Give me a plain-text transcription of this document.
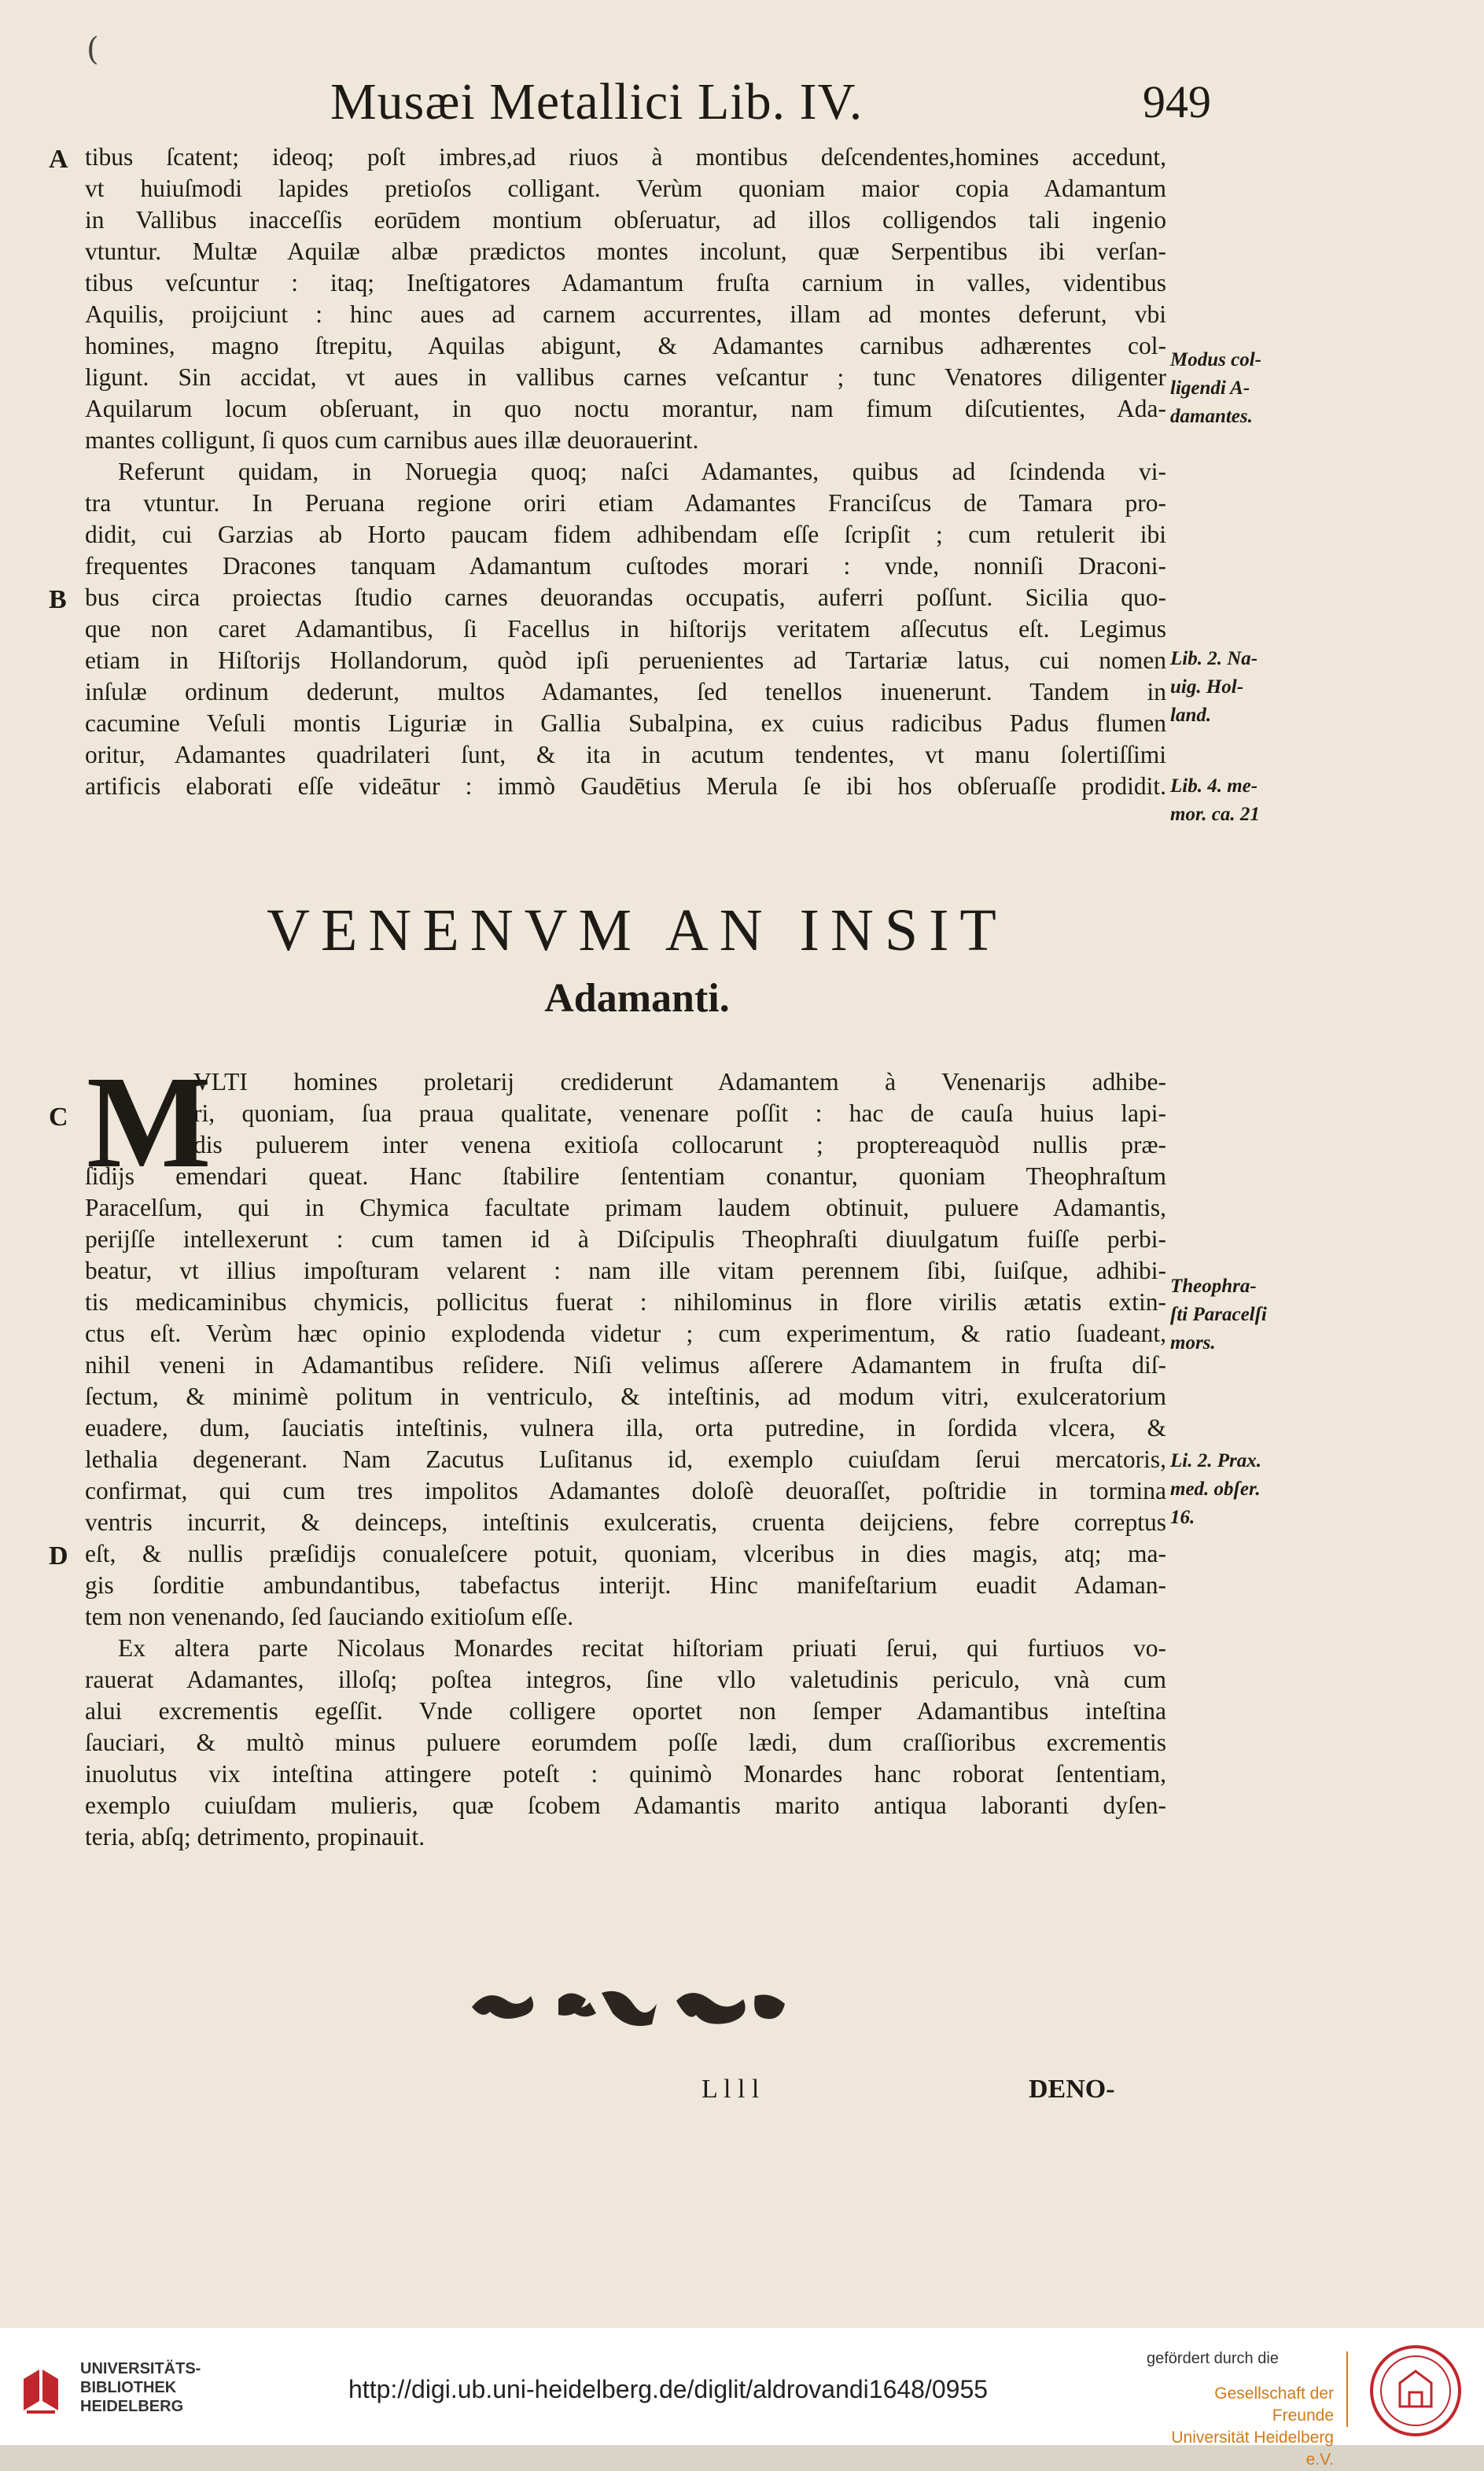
(
Musæi Metallici Lib. IV.	949
A tibus ſcatent; ideoq; poſt imbres,ad riuos à montibus deſcendentes,homines accedunt,
vt huiuſmodi lapides pretioſos colligant. Verùm quoniam maior copia Adamantum
in Vallibus inacceſſis eorūdem montium obſeruatur, ad illos colligendos tali ingenio
vtuntur. Multæ Aquilæ albæ prædictos montes incolunt, quæ Serpentibus ibi verſan-
tibus veſcuntur : itaq; Ineſtigatores Adamantum fruſta carnium in valles, videntibus
Aquilis, proijciunt : hinc aues ad carnem accurrentes, illam ad montes deferunt, vbi
homines, magno ſtrepitu, Aquilas abigunt, & Adamantes carnibus adhærentes col-
ligunt. Sin accidat, vt aues in vallibus carnes veſcantur ; tunc Venatores diligenter
Aquilarum locum obſeruant, in quo noctu morantur, nam fimum diſcutientes, Ada-
mantes colligunt, ſi quos cum carnibus aues illæ deuorauerint.
Referunt quidam, in Noruegia quoq; naſci Adamantes, quibus ad ſcindenda vi-
tra vtuntur. In Peruana regione oriri etiam Adamantes Franciſcus de Tamara pro-
didit, cui Garzias ab Horto paucam fidem adhibendam eſſe ſcripſit ; cum retulerit ibi
frequentes Dracones tanquam Adamantum cuſtodes morari : vnde, nonniſi Draconi-
B bus circa proiectas ſtudio carnes deuorandas occupatis, auferri poſſunt. Sicilia quo-
que non caret Adamantibus, ſi Facellus in hiſtorijs veritatem aſſecutus eſt. Legimus
etiam in Hiſtorijs Hollandorum, quòd ipſi peruenientes ad Tartariæ latus, cui nomen
inſulæ ordinum dederunt, multos Adamantes, ſed tenellos inuenerunt. Tandem in
cacumine Veſuli montis Liguriæ in Gallia Subalpina, ex cuius radicibus Padus flumen
oritur, Adamantes quadrilateri ſunt, & ita in acutum tendentes, vt manu ſolertiſſimi
artificis elaborati eſſe videātur : immò Gaudētius Merula ſe ibi hos obſeruaſſe prodidit.
Modus col-
ligendi A-
damantes.
Lib. 2. Na-
uig. Hol-
land.
Lib. 4. me-
mor. ca. 21
VENENVM AN INSIT
Adamanti.
M
C
VLTI homines proletarij crediderunt Adamantem à Venenarijs adhibe-
ri, quoniam, ſua praua qualitate, venenare poſſit : hac de cauſa huius lapi-
dis puluerem inter venena exitioſa collocarunt ; proptereaquòd nullis præ-
ſidijs emendari queat. Hanc ſtabilire ſententiam conantur, quoniam Theophraſtum
Paracelſum, qui in Chymica facultate primam laudem obtinuit, puluere Adamantis,
perijſſe intellexerunt : cum tamen id à Diſcipulis Theophraſti diuulgatum fuiſſe perbi-
beatur, vt illius impoſturam velarent : nam ille vitam perennem ſibi, ſuiſque, adhibi-
tis medicaminibus chymicis, pollicitus fuerat : nihilominus in flore virilis ætatis extin-
ctus eſt. Verùm hæc opinio explodenda videtur ; cum experimentum, & ratio ſuadeant,
nihil veneni in Adamantibus reſidere. Niſi velimus aſſerere Adamantem in fruſta diſ-
ſectum, & minimè politum in ventriculo, & inteſtinis, ad modum vitri, exulceratorium
euadere, dum, ſauciatis inteſtinis, vulnera illa, orta putredine, in ſordida vlcera, &
lethalia degenerant. Nam Zacutus Luſitanus id, exemplo cuiuſdam ſerui mercatoris,
confirmat, qui cum tres impolitos Adamantes doloſè deuoraſſet, poſtridie in tormina
ventris incurrit, & deinceps, inteſtinis exulceratis, cruenta deijciens, febre correptus
D eſt, & nullis præſidijs conualeſcere potuit, quoniam, vlceribus in dies magis, atq; ma-
gis ſorditie ambundantibus, tabefactus interijt. Hinc manifeſtarium euadit Adaman-
tem non venenando, ſed ſauciando exitioſum eſſe.
Ex altera parte Nicolaus Monardes recitat hiſtoriam priuati ſerui, qui furtiuos vo-
rauerat Adamantes, illoſq; poſtea integros, ſine vllo valetudinis periculo, vnà cum
alui excrementis egeſſit. Vnde colligere oportet non ſemper Adamantibus inteſtina
ſauciari, & multò minus puluere eorumdem poſſe lædi, dum craſſioribus excrementis
inuolutus vix inteſtina attingere poteſt : quinimò Monardes hanc roborat ſententiam,
exemplo cuiuſdam mulieris, quæ ſcobem Adamantis marito antiqua laboranti dyſen-
teria, abſq; detrimento, propinauit.
Theophra-
ſti Paracelſi
mors.
Li. 2. Prax.
med. obſer.
16.
L l l l	DENO-
UNIVERSITÄTS-
BIBLIOTHEK
HEIDELBERG
http://digi.ub.uni-heidelberg.de/diglit/aldrovandi1648/0955
gefördert durch die
Gesellschaft der Freunde
Universität Heidelberg e.V.
